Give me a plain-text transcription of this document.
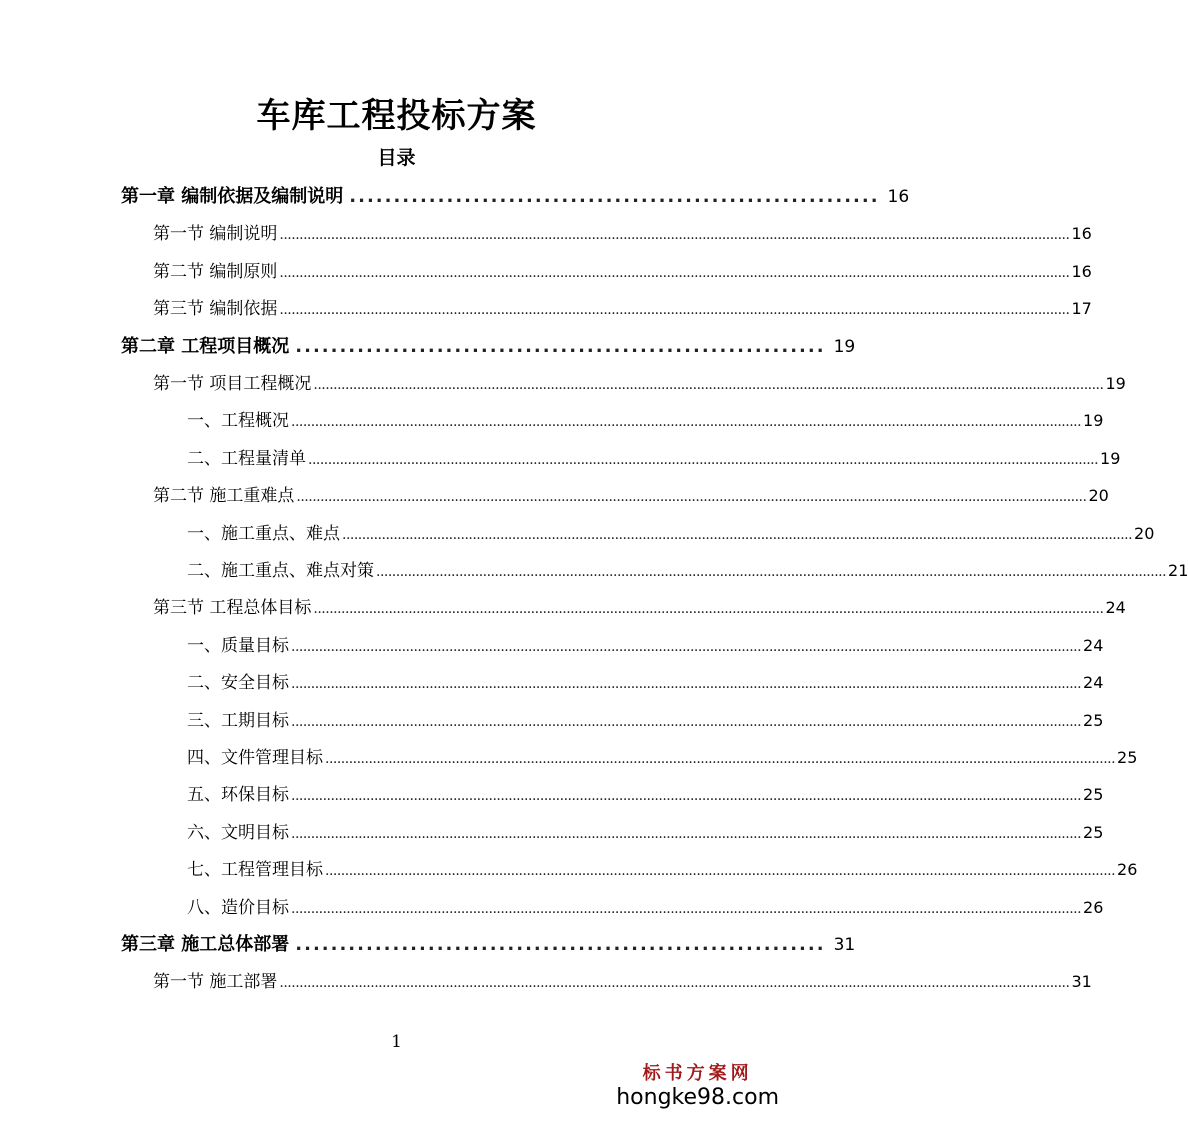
车库工程投标方案
目录
第一章 编制依据及编制说明 ............................................................ 16
第一节 编制说明 ........................................................................................................................................................................................................ 16
第二节 编制原则 ........................................................................................................................................................................................................ 16
第三节 编制依据 ........................................................................................................................................................................................................ 17
第二章 工程项目概况 ............................................................ 19
第一节 项目工程概况 ........................................................................................................................................................................................................ 19
一、工程概况 ........................................................................................................................................................................................................ 19
二、工程量清单 ........................................................................................................................................................................................................ 19
第二节 施工重难点 ........................................................................................................................................................................................................ 20
一、施工重点、难点 ........................................................................................................................................................................................................ 20
二、施工重点、难点对策 ........................................................................................................................................................................................................ 21
第三节 工程总体目标 ........................................................................................................................................................................................................ 24
一、质量目标 ........................................................................................................................................................................................................ 24
二、安全目标 ........................................................................................................................................................................................................ 24
三、工期目标 ........................................................................................................................................................................................................ 25
四、文件管理目标 ........................................................................................................................................................................................................ 25
五、环保目标 ........................................................................................................................................................................................................ 25
六、文明目标 ........................................................................................................................................................................................................ 25
七、工程管理目标 ........................................................................................................................................................................................................ 26
八、造价目标 ........................................................................................................................................................................................................ 26
第三章 施工总体部署 ............................................................ 31
第一节 施工部署 ........................................................................................................................................................................................................ 31
1
标书方案网
hongke98.com
